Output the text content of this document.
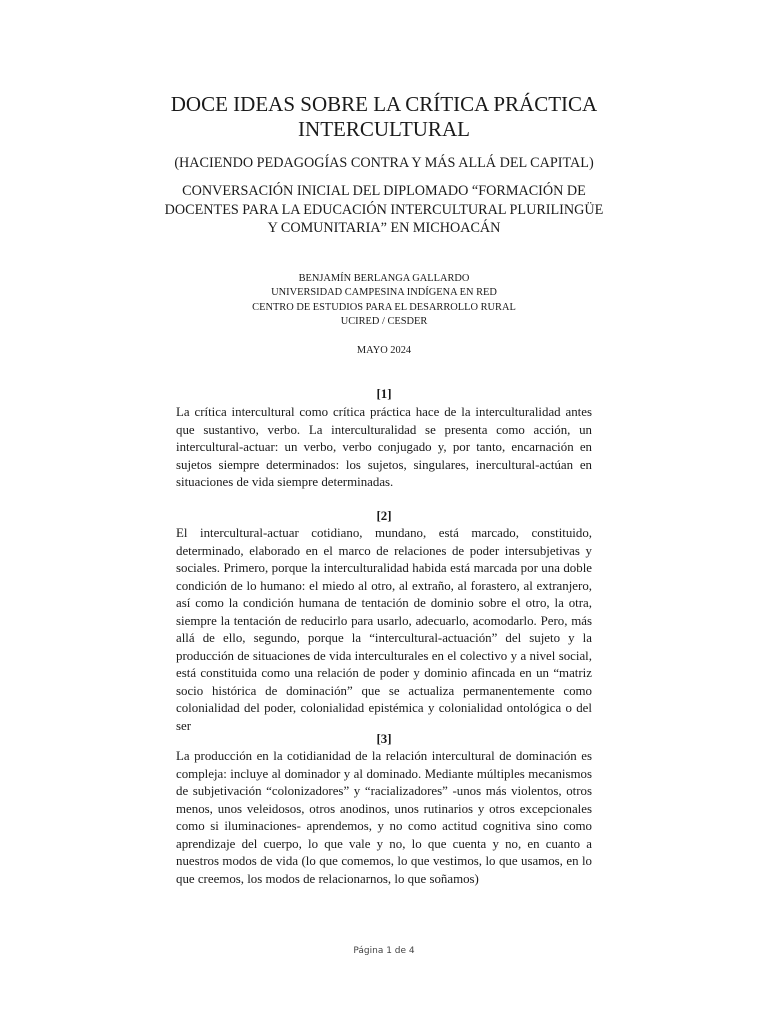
DOCE IDEAS SOBRE LA CRÍTICA PRÁCTICA INTERCULTURAL

(HACIENDO PEDAGOGÍAS CONTRA Y MÁS ALLÁ DEL CAPITAL)

CONVERSACIÓN INICIAL DEL DIPLOMADO “FORMACIÓN DE DOCENTES PARA LA EDUCACIÓN INTERCULTURAL PLURILINGÜE Y COMUNITARIA” EN MICHOACÁN

BENJAMÍN BERLANGA GALLARDO
UNIVERSIDAD CAMPESINA INDÍGENA EN RED
CENTRO DE ESTUDIOS PARA EL DESARROLLO RURAL
UCIRED / CESDER

MAYO 2024

[1]

La crítica intercultural como crítica práctica hace de la interculturalidad antes que sustantivo, verbo. La interculturalidad se presenta como acción, un intercultural-actuar: un verbo, verbo conjugado y, por tanto, encarnación en sujetos siempre determinados: los sujetos, singulares, inercultural-actúan en situaciones de vida siempre determinadas.

[2]

El intercultural-actuar cotidiano, mundano, está marcado, constituido, determinado, elaborado en el marco de relaciones de poder intersubjetivas y sociales. Primero, porque la interculturalidad habida está marcada por una doble condición de lo humano: el miedo al otro, al extraño, al forastero, al extranjero, así como la condición humana de tentación de dominio sobre el otro, la otra, siempre la tentación de reducirlo para usarlo, adecuarlo, acomodarlo. Pero, más allá de ello, segundo, porque la “intercultural-actuación” del sujeto y la producción de situaciones de vida interculturales en el colectivo y a nivel social, está constituida como una relación de poder y dominio afincada en un “matriz socio histórica de dominación” que se actualiza permanentemente como colonialidad del poder, colonialidad epistémica y colonialidad ontológica o del ser

[3]

La producción en la cotidianidad de la relación intercultural de dominación es compleja: incluye al dominador y al dominado. Mediante múltiples mecanismos de subjetivación “colonizadores” y “racializadores” -unos más violentos, otros menos, unos veleidosos, otros anodinos, unos rutinarios y otros excepcionales como si iluminaciones- aprendemos, y no como actitud cognitiva sino como aprendizaje del cuerpo, lo que vale y no, lo que cuenta y no, en cuanto a nuestros modos de vida (lo que comemos, lo que vestimos, lo que usamos, en lo que creemos, los modos de relacionarnos, lo que soñamos)

Página 1 de 4
